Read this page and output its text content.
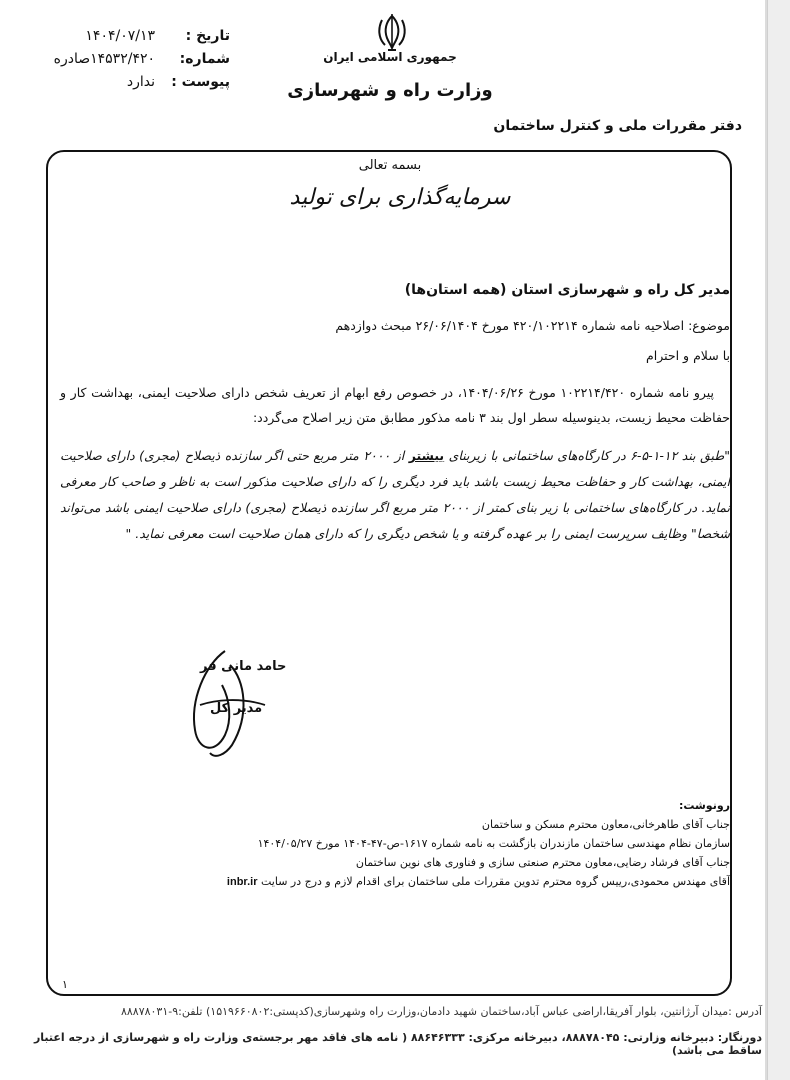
تاریخ :
۱۴۰۴/۰۷/۱۳
شماره:
۱۴۵۳۲/۴۲۰صادره
پیوست :
ندارد
جمهوری اسلامی ایران
وزارت راه و شهرسازی
دفتر مقررات ملی و کنترل ساختمان
بسمه تعالی
سرمایه‌گذاری برای تولید
مدیر کل راه و شهرسازی استان (همه استان‌ها)
موضوع: اصلاحیه نامه شماره ۴۲۰/۱۰۲۲۱۴ مورخ ۲۶/۰۶/۱۴۰۴ مبحث دوازدهم
با سلام و احترام
پیرو نامه شماره ۱۰۲۲۱۴/۴۲۰ مورخ ۱۴۰۴/۰۶/۲۶، در خصوص رفع ابهام از تعریف شخص دارای صلاحیت ایمنی، بهداشت کار و حفاظت محیط زیست، بدینوسیله سطر اول بند ۳ نامه مذکور مطابق متن زیر اصلاح می‌گردد:
"طبق بند ۱۲-۱-۵-۶ در کارگاه‌های ساختمانی با زیربنای بیشتر از ۲۰۰۰ متر مربع حتی اگر سازنده ذیصلاح (مجری) دارای صلاحیت ایمنی، بهداشت کار و حفاظت محیط زیست باشد باید فرد دیگری را که دارای صلاحیت مذکور است به ناظر و صاحب کار معرفی نماید. در کارگاه‌های ساختمانی با زیر بنای کمتر از ۲۰۰۰ متر مربع اگر سازنده ذیصلاح (مجری) دارای صلاحیت ایمنی باشد می‌تواند شخصا" وظایف سرپرست ایمنی را بر عهده گرفته و یا شخص دیگری را که دارای همان صلاحیت است معرفی نماید. "
حامد مانی فر
مدیر کل
رونوشت:
جناب آقای طاهرخانی،معاون محترم مسکن و ساختمان
سازمان نظام مهندسی ساختمان مازندران بازگشت به نامه شماره ۱۶۱۷-ص-۴۷-۱۴۰۴ مورخ ۱۴۰۴/۰۵/۲۷
جناب آقای فرشاد رضایی،معاون محترم صنعتی سازی و فناوری های نوین ساختمان
آقای مهندس محمودی،رییس گروه محترم تدوین مقررات ملی ساختمان برای اقدام لازم و درج در سایت inbr.ir
۱
آدرس :میدان آرژانتین، بلوار آفریقا،اراضی عباس آباد،ساختمان شهید دادمان،وزارت راه وشهرسازی(کدپستی:۱۵۱۹۶۶۰۸۰۲) تلفن:۹-۸۸۸۷۸۰۳۱
دورنگار: دبیرخانه وزارتی: ۸۸۸۷۸۰۴۵، دبیرخانه مرکزی: ۸۸۶۴۶۳۳۳ ( نامه های فاقد مهر برجسته‌ی وزارت راه و شهرسازی از درجه اعتبار ساقط می باشد)
